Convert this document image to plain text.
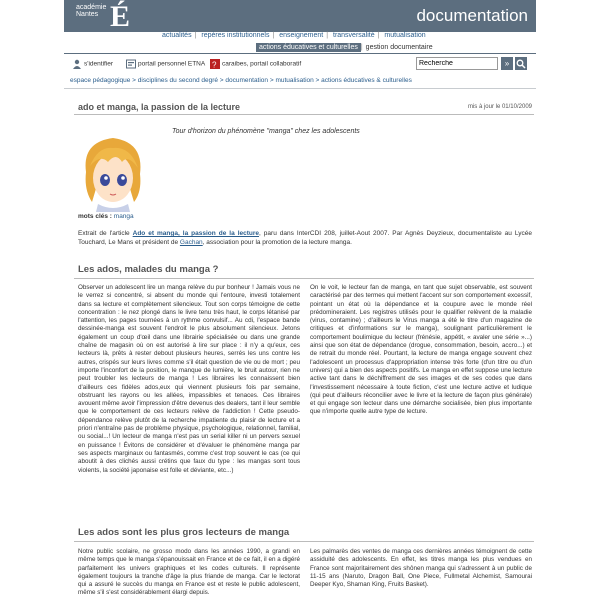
documentation
académie
Nantes É
actualités | repères institutionnels | enseignement | transversalité | mutualisation
actions éducatives et culturelles | gestion documentaire
s'identifier	portail personnel ETNA ? caraibes, portail collaboratif
Recherche	»
espace pédagogique > disciplines du second degré > documentation > mutualisation > actions éducatives & culturelles
ado et manga, la passion de la lecture	mis à jour le 01/10/2009
Tour d'horizon du phénomène "manga" chez les adolescents
mots clés : manga
Extrait de l'article Ado et manga, la passion de la lecture, paru dans InterCDI 208, juillet-Aout 2007. Par Agnès Deyzieux, documentaliste au Lycée Touchard, Le Mans et président de Gachan, association pour la promotion de la lecture manga.
Les ados, malades du manga ?

Observer un adolescent lire un manga relève du pur bonheur ! Jamais vous ne le verrez si concentré, si absent du monde qui l'entoure, investi totalement dans sa lecture et complètement silencieux. Tout son corps témoigne de cette concentration : le nez plongé dans le livre tenu très haut, le corps létanisé par l'attention, les pages tournées à un rythme convulsif... Au cdi, l'espace bande dessinée-manga est souvent l'endroit le plus absolument silencieux. Jetons également un coup d'œil dans une librairie spécialisée ou dans une grande chaîne de magasin où on est autorisé à lire sur place : il n'y a qu'eux, ces lecteurs là, prêts à rester debout plusieurs heures, serrés les uns contre les autres, crispés sur leurs livres comme s'il était question de vie ou de mort ; peu importe l'inconfort de la position, le manque de lumière, le bruit autour, rien ne peut troubler les lecteurs de manga ! Les libraires les connaissent bien d'ailleurs ces fidèles ados,eux qui viennent plusieurs fois par semaine, obstruant les rayons ou les allées, impassibles et tenaces. Ces libraires avouent même avoir l'impression d'être devenus des dealers, tant il leur semble que le comportement de ces lecteurs relève de l'addiction ! Cette pseudo-dépendance relève plutôt de la recherche impatiente du plaisir de lecture et a priori n'entraîne pas de problème physique, psychologique, relationnel, familial, ou social...! Un lecteur de manga n'est pas un serial killer ni un pervers sexuel en puissance ! Évitons de considérer et d'évaluer le phénomène manga par ses aspects marginaux ou fantasmés, comme c'est trop souvent le cas (ce qui aboutit à des clichés aussi crétins que faux du type : les mangas sont tous violents, la société japonaise est folle et déviante, etc...)

On le voit, le lecteur fan de manga, en tant que sujet observable, est souvent caractérisé par des termes qui mettent l'accent sur son comportement excessif, pointant un état où la dépendance et la coupure avec le monde réel prédomineraient. Les registres utilisés pour le qualifier relèvent de la maladie (virus, contamine) ; d'ailleurs le Virus manga a été le titre d'un magazine de critiques et d'informations sur le manga), soulignant particulièrement le comportement boulimique du lecteur (frénésie, appétit, « avaler une série »...) ainsi que son état de dépendance (drogue, consommation, besoin, accro...) et de retrait du monde réel. Pourtant, la lecture de manga engage souvent chez l'adolescent un processus d'appropriation intense très forte (d'un titre ou d'un univers) qui a bien des aspects positifs. Le manga en effet suppose une lecture active tant dans le déchiffrement de ses images et de ses codes que dans l'investissement nécessaire à toute fiction, c'est une lecture active et ludique (qui peut d'ailleurs réconcilier avec le livre et la lecture de façon plus générale) et qui engage son lecteur dans une démarche socialisée, bien plus importante que n'importe quelle autre type de lecture.

Les ados sont les plus gros lecteurs de manga

Notre public scolaire, ne grosso modo dans les années 1990, a grandi en même temps que le manga s'épanouissait en France et de ce fait, il en a digéré parfaitement les univers graphiques et les codes culturels. Il représente également toujours la tranche d'âge la plus friande de manga. Car le lectorat qui a assuré le succès du manga en France est et reste le public adolescent, même s'il s'est considérablement élargi depuis.

Les palmarès des ventes de manga ces dernières années témoignent de cette assiduité des adolescents. En effet, les titres manga les plus vendues en France sont majoritairement des shônen manga qui s'adressent à un public de 11-15 ans (Naruto, Dragon Ball, One Piece, Fullmetal Alchemist, Samourai Deeper Kyo, Shaman King, Fruits Basket).
